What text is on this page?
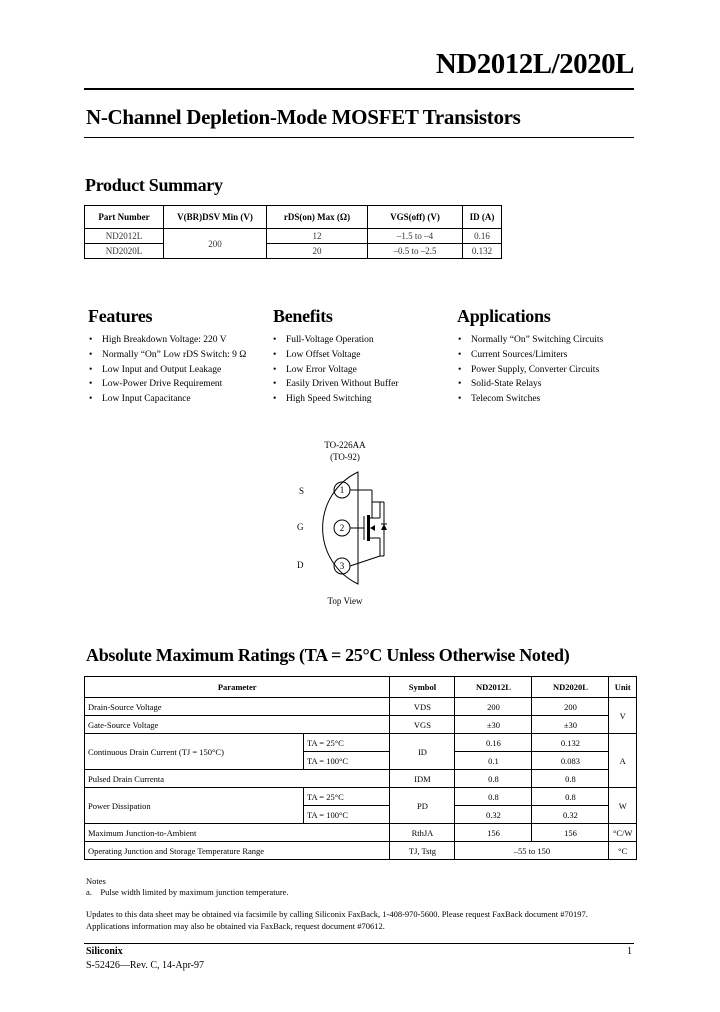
ND2012L/2020L
N-Channel Depletion-Mode MOSFET Transistors
Product Summary
Part Number	V(BR)DSV Min (V)	rDS(on) Max (Ω)	VGS(off) (V)	ID (A)
ND2012L	200	12	–1.5 to –4	0.16
ND2020L		20	–0.5 to –2.5	0.132
Features
• High Breakdown Voltage: 220 V
• Normally “On” Low rDS Switch: 9 Ω
• Low Input and Output Leakage
• Low-Power Drive Requirement
• Low Input Capacitance
Benefits
• Full-Voltage Operation
• Low Offset Voltage
• Low Error Voltage
• Easily Driven Without Buffer
• High Speed Switching
Applications
• Normally “On” Switching Circuits
• Current Sources/Limiters
• Power Supply, Converter Circuits
• Solid-State Relays
• Telecom Switches
TO-226AA
(TO-92)
S
G
D
1
2
3
Top View
Absolute Maximum Ratings (TA = 25°C Unless Otherwise Noted)
Parameter		Symbol	ND2012L	ND2020L	Unit
Drain-Source Voltage		VDS	200	200	V
Gate-Source Voltage		VGS	±30	±30	
Continuous Drain Current (TJ = 150°C)	TA = 25°C	ID	0.16	0.132	A
	TA = 100°C		0.1	0.083	
Pulsed Drain Currenta		IDM	0.8	0.8	
Power Dissipation	TA = 25°C	PD	0.8	0.8	W
	TA = 100°C		0.32	0.32	
Maximum Junction-to-Ambient		RthJA	156	156	°C/W
Operating Junction and Storage Temperature Range		TJ, Tstg	–55 to 150		°C
Notes
a.    Pulse width limited by maximum junction temperature.
Updates to this data sheet may be obtained via facsimile by calling Siliconix FaxBack, 1-408-970-5600. Please request FaxBack document #70197.
Applications information may also be obtained via FaxBack, request document #70612.
Siliconix	1
S-52426—Rev. C, 14-Apr-97
